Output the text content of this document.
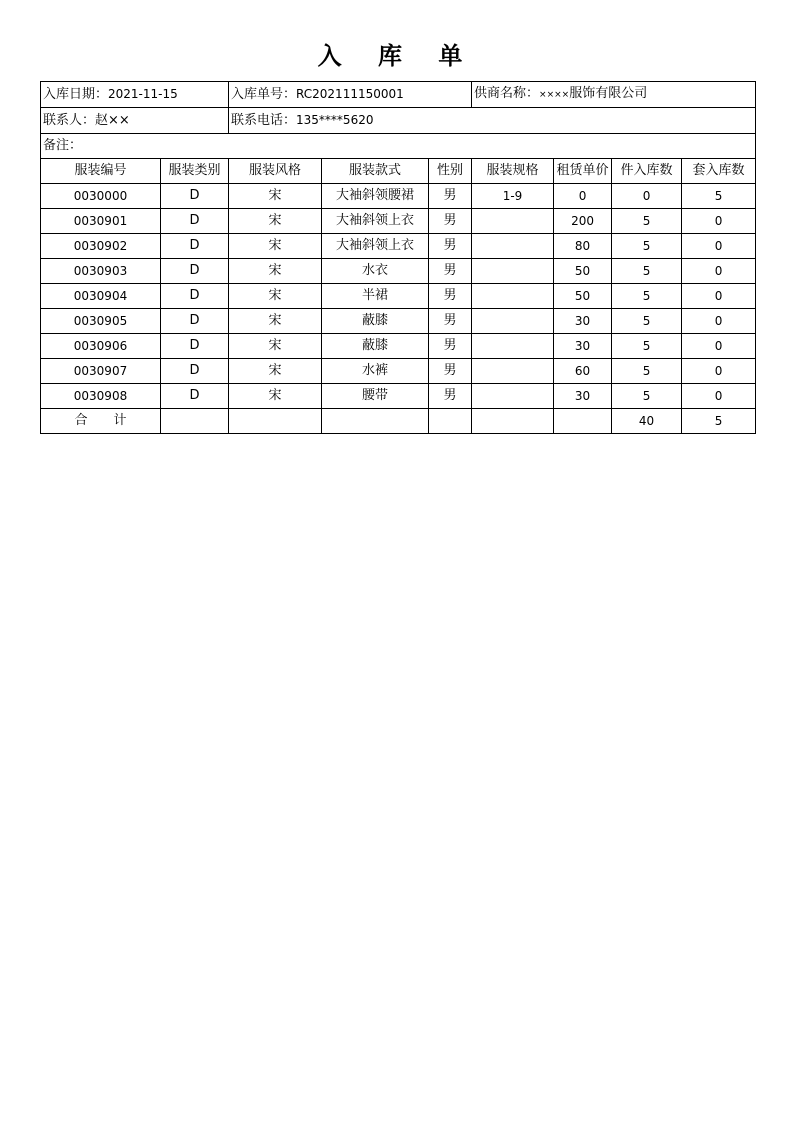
入 库 单
入库日期：2021-11-15		入库单号：RC202111150001			供商名称：××××服饰有限公司			
联系人：赵××		联系电话：135****5620						
备注：								
服装编号	服装类别	服装风格	服装款式	性别	服装规格	租赁单价	件入库数	套入库数
0030000	D	宋	大袖斜领腰裙	男	1-9	0	0	5
0030901	D	宋	大袖斜领上衣	男		200	5	0
0030902	D	宋	大袖斜领上衣	男		80	5	0
0030903	D	宋	水衣	男		50	5	0
0030904	D	宋	半裙	男		50	5	0
0030905	D	宋	蔽膝	男		30	5	0
0030906	D	宋	蔽膝	男		30	5	0
0030907	D	宋	水裤	男		60	5	0
0030908	D	宋	腰带	男		30	5	0
合　　计							40	5
